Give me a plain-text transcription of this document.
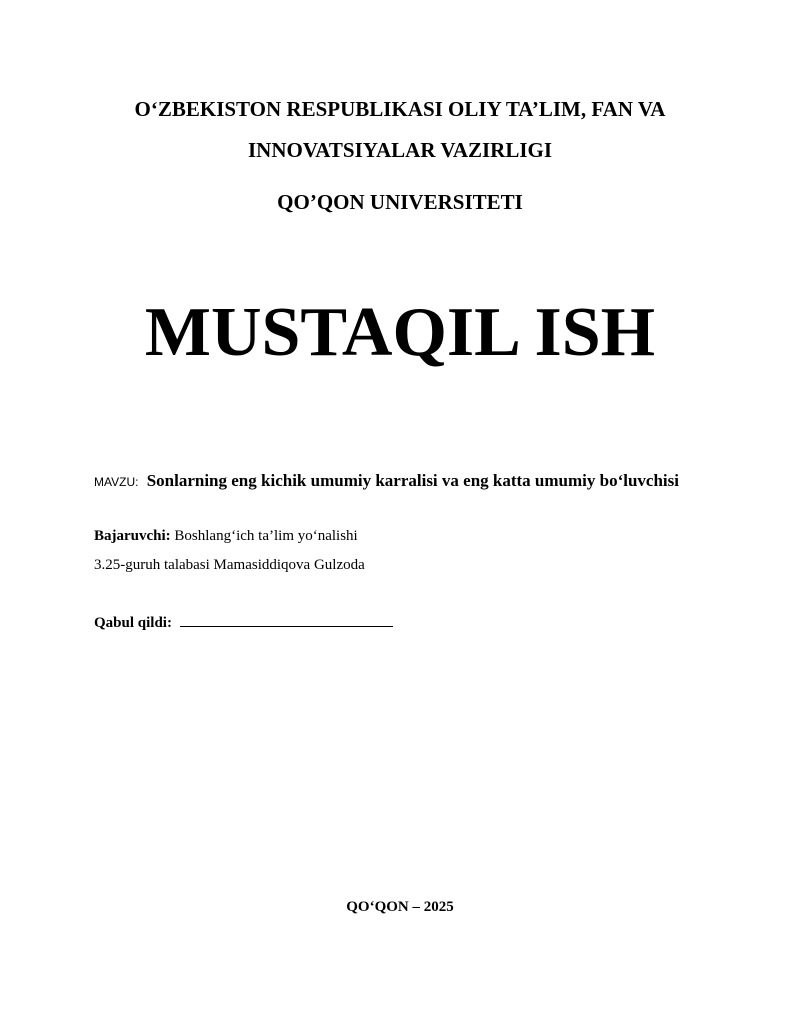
O‘ZBEKISTON RESPUBLIKASI OLIY TA’LIM, FAN VA
INNOVATSIYALAR VAZIRLIGI
QO’QON UNIVERSITETI
MUSTAQIL ISH
MAVZU: Sonlarning eng kichik umumiy karralisi va eng katta umumiy bo‘luvchisi
Bajaruvchi: Boshlang‘ich ta’lim yo‘nalishi
3.25-guruh talabasi Mamasiddiqova Gulzoda
Qabul qildi:
QO‘QON – 2025
